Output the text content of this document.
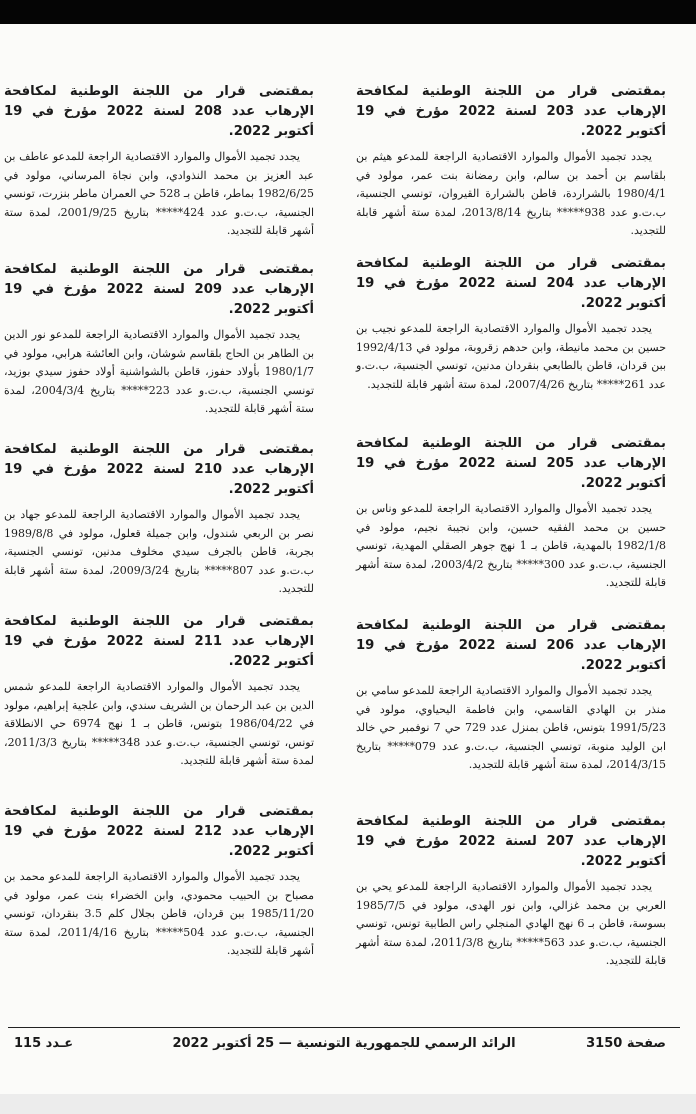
بمقتضى قرار من اللجنة الوطنية لمكافحة الإرهاب عدد 203 لسنة 2022 مؤرخ في 19 أكتوبر 2022.

يجدد تجميد الأموال والموارد الاقتصادية الراجعة للمدعو هيثم بن بلقاسم بن أحمد بن سالم، وابن رمضانة بنت عمر، مولود في 1980/4/1 بالشراردة، قاطن بالشرارة القيروان، تونسي الجنسية، ب.ت.و عدد 938***** بتاريخ 2013/8/14، لمدة ستة أشهر قابلة للتجديد.

بمقتضى قرار من اللجنة الوطنية لمكافحة الإرهاب عدد 204 لسنة 2022 مؤرخ في 19 أكتوبر 2022.

يجدد تجميد الأموال والموارد الاقتصادية الراجعة للمدعو نجيب بن حسين بن محمد مانيطة، وابن حدهم زقروبة، مولود في 1992/4/13 ببن قردان، قاطن بالطابعي بنقردان مدنين، تونسي الجنسية، ب.ت.و عدد 261***** بتاريخ 2007/4/26، لمدة ستة أشهر قابلة للتجديد.

بمقتضى قرار من اللجنة الوطنية لمكافحة الإرهاب عدد 205 لسنة 2022 مؤرخ في 19 أكتوبر 2022.

يجدد تجميد الأموال والموارد الاقتصادية الراجعة للمدعو وناس بن حسين بن محمد الفقيه حسين، وابن نجيبة نجيم، مولود في 1982/1/8 بالمهدية، قاطن بـ 1 نهج جوهر الصقلي المهدية، تونسي الجنسية، ب.ت.و عدد 300***** بتاريخ 2003/4/2، لمدة ستة أشهر قابلة للتجديد.

بمقتضى قرار من اللجنة الوطنية لمكافحة الإرهاب عدد 206 لسنة 2022 مؤرخ في 19 أكتوبر 2022.

يجدد تجميد الأموال والموارد الاقتصادية الراجعة للمدعو سامي بن منذر بن الهادي القاسمي، وابن فاطمة اليحياوي، مولود في 1991/5/23 بتونس، قاطن بمنزل عدد 729 حي 7 نوفمبر حي خالد ابن الوليد منوبة، تونسي الجنسية، ب.ت.و عدد 079***** بتاريخ 2014/3/15، لمدة ستة أشهر قابلة للتجديد.

بمقتضى قرار من اللجنة الوطنية لمكافحة الإرهاب عدد 207 لسنة 2022 مؤرخ في 19 أكتوبر 2022.

يجدد تجميد الأموال والموارد الاقتصادية الراجعة للمدعو يحي بن العربي بن محمد غزالي، وابن نور الهدى، مولود في 1985/7/5 بسوسة، قاطن بـ 6 نهج الهادي المنجلي راس الطابية تونس، تونسي الجنسية، ب.ت.و عدد 563***** بتاريخ 2011/3/8، لمدة ستة أشهر قابلة للتجديد.

بمقتضى قرار من اللجنة الوطنية لمكافحة الإرهاب عدد 208 لسنة 2022 مؤرخ في 19 أكتوبر 2022.

يجدد تجميد الأموال والموارد الاقتصادية الراجعة للمدعو عاطف بن عبد العزيز بن محمد النذوادي، وابن نجاة المرساني، مولود في 1982/6/25 بماطر، قاطن بـ 528 حي العمران ماطر بنزرت، تونسي الجنسية، ب.ت.و عدد 424***** بتاريخ 2001/9/25، لمدة ستة أشهر قابلة للتجديد.

بمقتضى قرار من اللجنة الوطنية لمكافحة الإرهاب عدد 209 لسنة 2022 مؤرخ في 19 أكتوبر 2022.

يجدد تجميد الأموال والموارد الاقتصادية الراجعة للمدعو نور الدين بن الطاهر بن الحاج بلقاسم شوشان، وابن العائشة هرابي، مولود في 1980/1/7 بأولاد حفوز، قاطن بالشواشنية أولاد حفوز سيدي بوزيد، تونسي الجنسية، ب.ت.و عدد 223***** بتاريخ 2004/3/4، لمدة ستة أشهر قابلة للتجديد.

بمقتضى قرار من اللجنة الوطنية لمكافحة الإرهاب عدد 210 لسنة 2022 مؤرخ في 19 أكتوبر 2022.

يجدد تجميد الأموال والموارد الاقتصادية الراجعة للمدعو جهاد بن نصر بن الربعي شندول، وابن جميلة قعلول، مولود في 1989/8/8 بجربة، قاطن بالجرف سيدي مخلوف مدنين، تونسي الجنسية، ب.ت.و عدد 807***** بتاريخ 2009/3/24، لمدة ستة أشهر قابلة للتجديد.

بمقتضى قرار من اللجنة الوطنية لمكافحة الإرهاب عدد 211 لسنة 2022 مؤرخ في 19 أكتوبر 2022.

يجدد تجميد الأموال والموارد الاقتصادية الراجعة للمدعو شمس الدين بن عبد الرحمان بن الشريف سندي، وابن علجية إبراهيم، مولود في 1986/04/22 بتونس، قاطن بـ 1 نهج 6974 حي الانطلاقة تونس، تونسي الجنسية، ب.ت.و عدد 348***** بتاريخ 2011/3/3، لمدة ستة أشهر قابلة للتجديد.

بمقتضى قرار من اللجنة الوطنية لمكافحة الإرهاب عدد 212 لسنة 2022 مؤرخ في 19 أكتوبر 2022.

يجدد تجميد الأموال والموارد الاقتصادية الراجعة للمدعو محمد بن مصباح بن الحبيب محمودي، وابن الخضراء بنت عمر، مولود في 1985/11/20 ببن قردان، قاطن بجلال كلم 3.5 بنقردان، تونسي الجنسية، ب.ت.و عدد 504***** بتاريخ 2011/4/16، لمدة ستة أشهر قابلة للتجديد.

صفحة 3150
الرائد الرسمي للجمهورية التونسية — 25 أكتوبر 2022
عـدد 115
